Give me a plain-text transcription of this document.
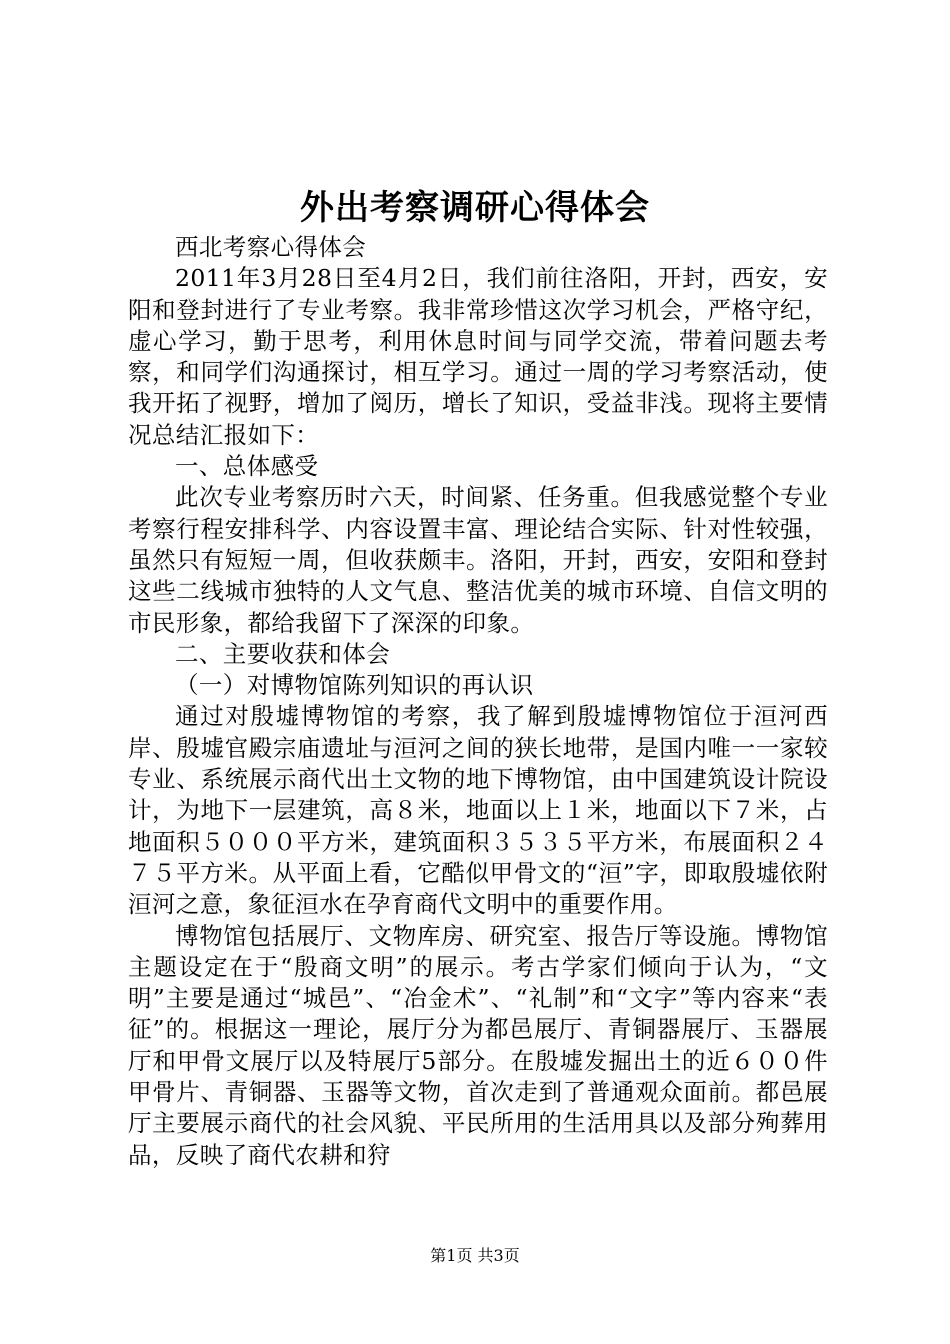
外出考察调研心得体会

西北考察心得体会

2011年3月28日至4月2日，我们前往洛阳，开封，西安，安阳和登封进行了专业考察。我非常珍惜这次学习机会，严格守纪，虚心学习，勤于思考，利用休息时间与同学交流，带着问题去考察，和同学们沟通探讨，相互学习。通过一周的学习考察活动，使我开拓了视野，增加了阅历，增长了知识，受益非浅。现将主要情况总结汇报如下：

一、总体感受

此次专业考察历时六天，时间紧、任务重。但我感觉整个专业考察行程安排科学、内容设置丰富、理论结合实际、针对性较强，虽然只有短短一周，但收获颇丰。洛阳，开封，西安，安阳和登封这些二线城市独特的人文气息、整洁优美的城市环境、自信文明的市民形象，都给我留下了深深的印象。

二、主要收获和体会

（一）对博物馆陈列知识的再认识

通过对殷墟博物馆的考察，我了解到殷墟博物馆位于洹河西岸、殷墟官殿宗庙遗址与洹河之间的狭长地带，是国内唯一一家较专业、系统展示商代出土文物的地下博物馆，由中国建筑设计院设计，为地下一层建筑，高８米，地面以上１米，地面以下７米，占地面积５０００平方米，建筑面积３５３５平方米，布展面积２４７５平方米。从平面上看，它酷似甲骨文的“洹”字，即取殷墟依附洹河之意，象征洹水在孕育商代文明中的重要作用。

博物馆包括展厅、文物库房、研究室、报告厅等设施。博物馆主题设定在于“殷商文明”的展示。考古学家们倾向于认为，“文明”主要是通过“城邑”、“冶金术”、“礼制”和“文字”等内容来“表征”的。根据这一理论，展厅分为都邑展厅、青铜器展厅、玉器展厅和甲骨文展厅以及特展厅5部分。在殷墟发掘出土的近６００件甲骨片、青铜器、玉器等文物，首次走到了普通观众面前。都邑展厅主要展示商代的社会风貌、平民所用的生活用具以及部分殉葬用品，反映了商代农耕和狩

第1页 共3页
